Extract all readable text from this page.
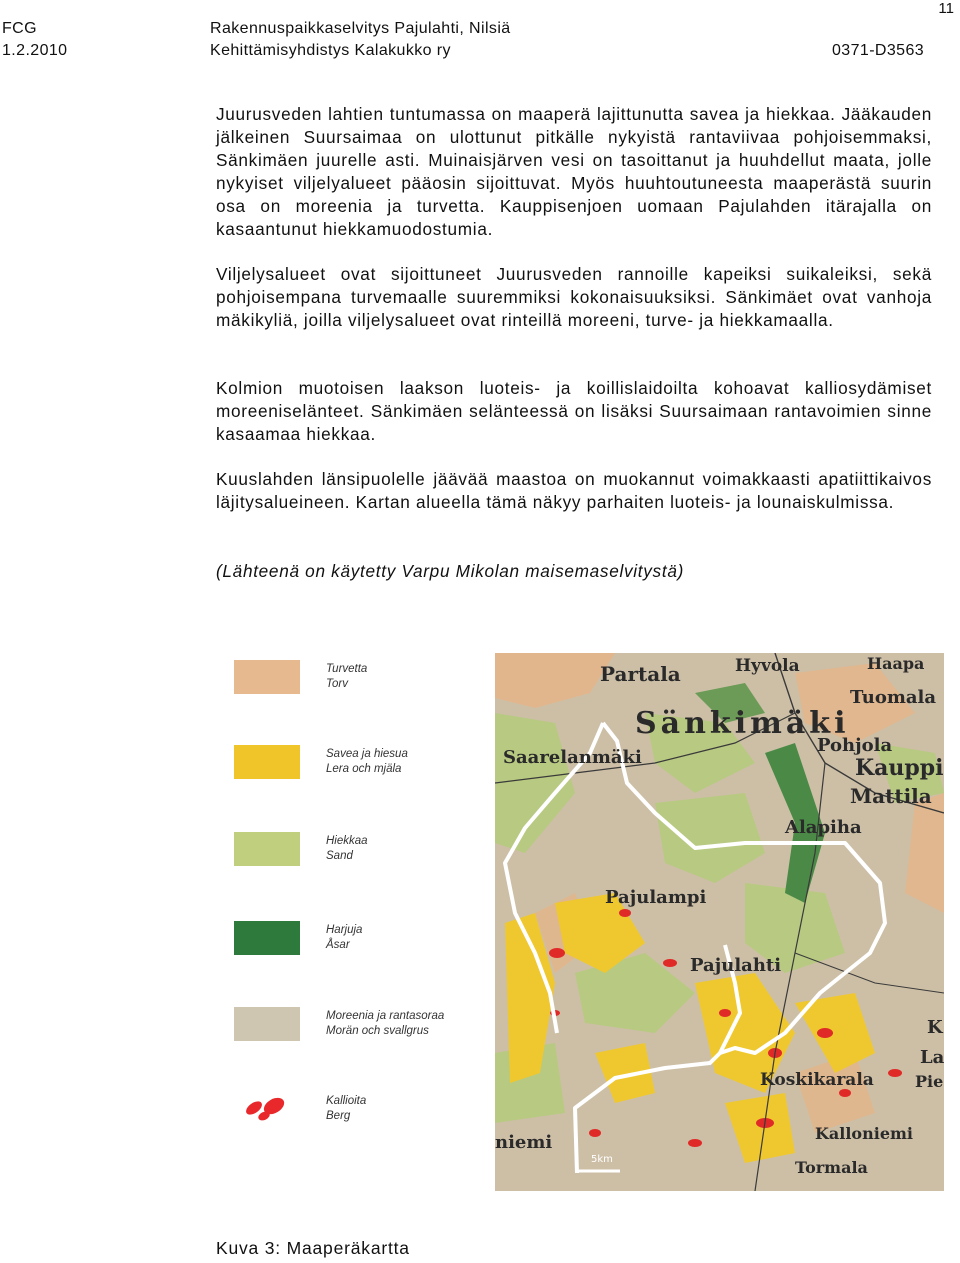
FCG
1.2.2010
Rakennuspaikkaselvitys Pajulahti, Nilsiä
Kehittämisyhdistys Kalakukko ry	0371-D3563
11

Juurusveden lahtien tuntumassa on maaperä lajittunutta savea ja hiekkaa. Jääkauden jälkeinen Suursaimaa on ulottunut pitkälle nykyistä rantaviivaa pohjoisemmaksi, Sänkimäen juurelle asti. Muinaisjärven vesi on tasoittanut ja huuhdellut maata, jolle nykyiset viljelyalueet pääosin sijoittuvat. Myös huuhtoutuneesta maaperästä suurin osa on moreenia ja turvetta. Kauppisenjoen uomaan Pajulahden itärajalla on kasaantunut hiekkamuodostumia.

Viljelysalueet ovat sijoittuneet Juurusveden rannoille kapeiksi suikaleiksi, sekä pohjoisempana turvemaalle suuremmiksi kokonaisuuksiksi. Sänkimäet ovat vanhoja mäkikyliä, joilla viljelysalueet ovat rinteillä moreeni, turve- ja hiekkamaalla.

Kolmion muotoisen laakson luoteis- ja koillislaidoilta kohoavat kalliosydämiset moreeniselänteet. Sänkimäen selänteessä on lisäksi Suursaimaan rantavoimien sinne kasaamaa hiekkaa.

Kuuslahden länsipuolelle jäävää maastoa on muokannut voimakkaasti apatiittikaivos läjitysalueineen. Kartan alueella tämä näkyy parhaiten luoteis- ja lounaiskulmissa.

(Lähteenä on käytetty Varpu Mikolan maisemaselvitystä)

Turvetta
Torv
Savea ja hiesua
Lera och mjäla
Hiekkaa
Sand
Harjuja
Åsar
Moreenia ja rantasoraa
Morän och svallgrus
Kallioita
Berg
Partala	Hyvola	Haapa
Sänkimäki
Tuomala
Saarelanmäki
Pohjola
Kauppi
Mattila
Alapiha
Pajulampi
Pajulahti
Koskikarala
Kalloniemi
Tormala
niemi
La
Pie
K
5km
Kuva 3: Maaperäkartta
